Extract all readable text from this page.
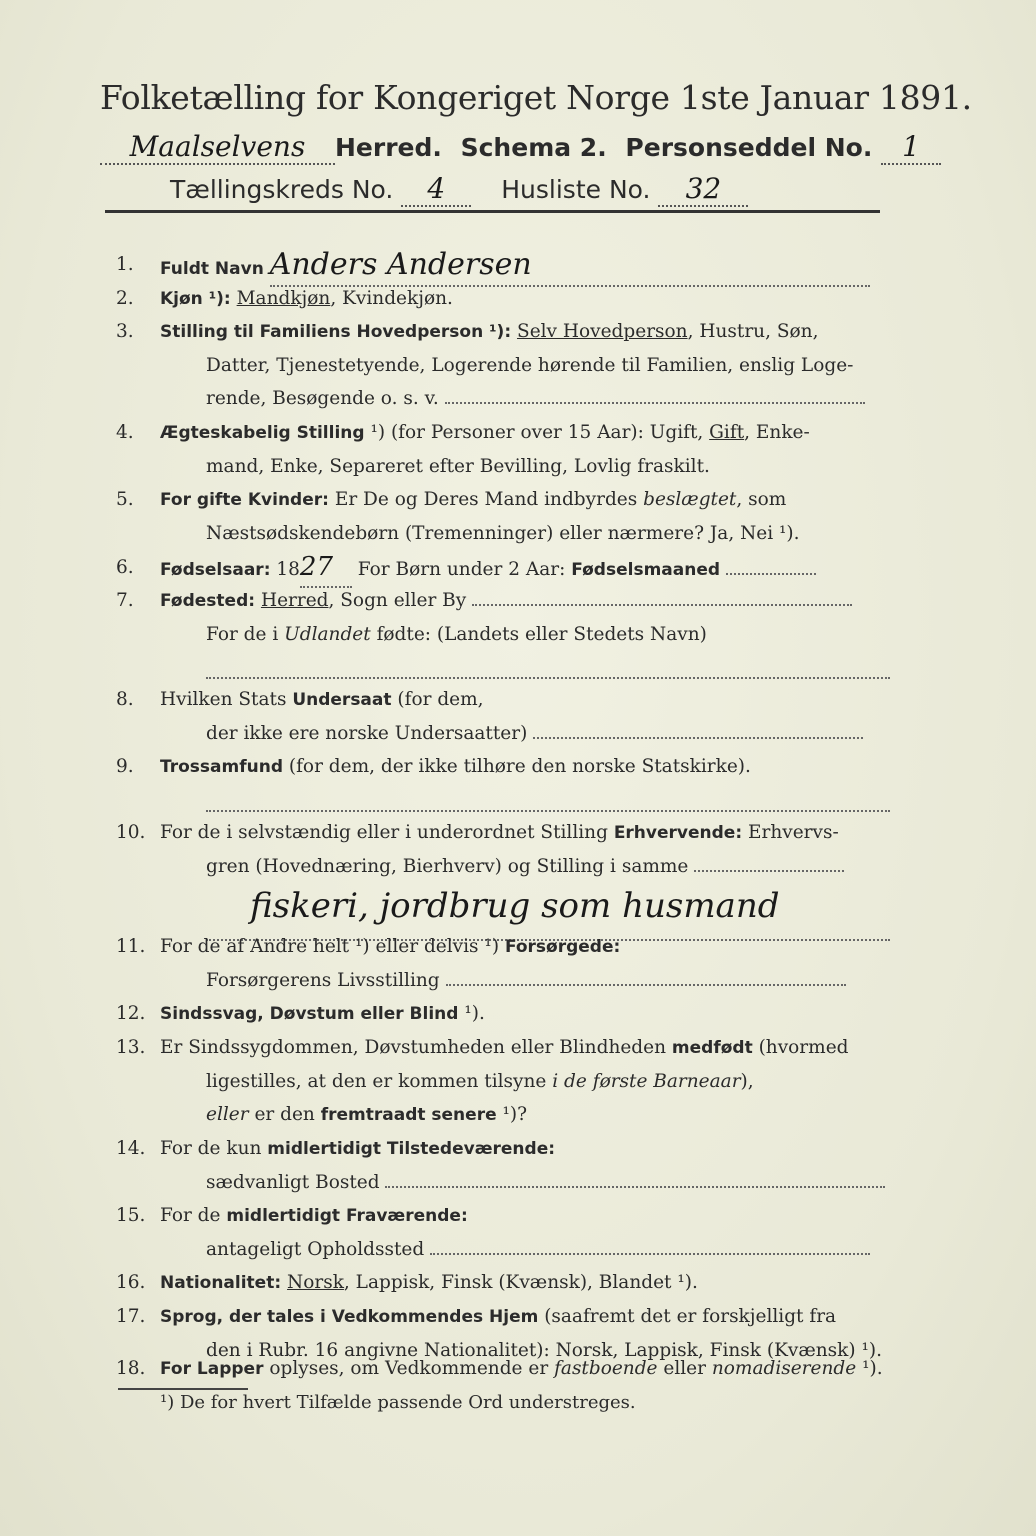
Folketælling for Kongeriget Norge 1ste Januar 1891.
Maalselvens Herred. Schema 2. Personseddel No. 1
Tællingskreds No. 4 Husliste No. 32
1.	Fuldt Navn Anders Andersen
2.	Kjøn ¹): Mandkjøn, Kvindekjøn.
3.	Stilling til Familiens Hovedperson ¹): Selv Hovedperson, Hustru, Søn,
Datter, Tjenestetyende, Logerende hørende til Familien, enslig Loge-
rende, Besøgende o. s. v.
4.	Ægteskabelig Stilling ¹) (for Personer over 15 Aar): Ugift, Gift, Enke-
mand, Enke, Separeret efter Bevilling, Lovlig fraskilt.
5.	For gifte Kvinder: Er De og Deres Mand indbyrdes beslægtet, som
Næstsødskendebørn (Tremenninger) eller nærmere? Ja, Nei ¹).
6.	Fødselsaar: 1827 For Børn under 2 Aar: Fødselsmaaned
7.	Fødested: Herred, Sogn eller By
For de i Udlandet fødte: (Landets eller Stedets Navn)
8.	Hvilken Stats Undersaat (for dem,
der ikke ere norske Undersaatter)
9.	Trossamfund (for dem, der ikke tilhøre den norske Statskirke).
10. For de i selvstændig eller i underordnet Stilling Erhvervende: Erhvervs-
gren (Hovednæring, Bierhverv) og Stilling i samme
fiskeri, jordbrug som husmand
11. For de af Andre helt ¹) eller delvis ¹) Forsørgede:
Forsørgerens Livsstilling
12. Sindssvag, Døvstum eller Blind ¹).
13. Er Sindssygdommen, Døvstumheden eller Blindheden medfødt (hvormed
ligestilles, at den er kommen tilsyne i de første Barneaar),
eller er den fremtraadt senere ¹)?
14. For de kun midlertidigt Tilstedeværende:
sædvanligt Bosted
15. For de midlertidigt Fraværende:
antageligt Opholdssted
16. Nationalitet: Norsk, Lappisk, Finsk (Kvænsk), Blandet ¹).
17. Sprog, der tales i Vedkommendes Hjem (saafremt det er forskjelligt fra
den i Rubr. 16 angivne Nationalitet): Norsk, Lappisk, Finsk (Kvænsk) ¹).
18. For Lapper oplyses, om Vedkommende er fastboende eller nomadiserende ¹).
¹) De for hvert Tilfælde passende Ord understreges.
